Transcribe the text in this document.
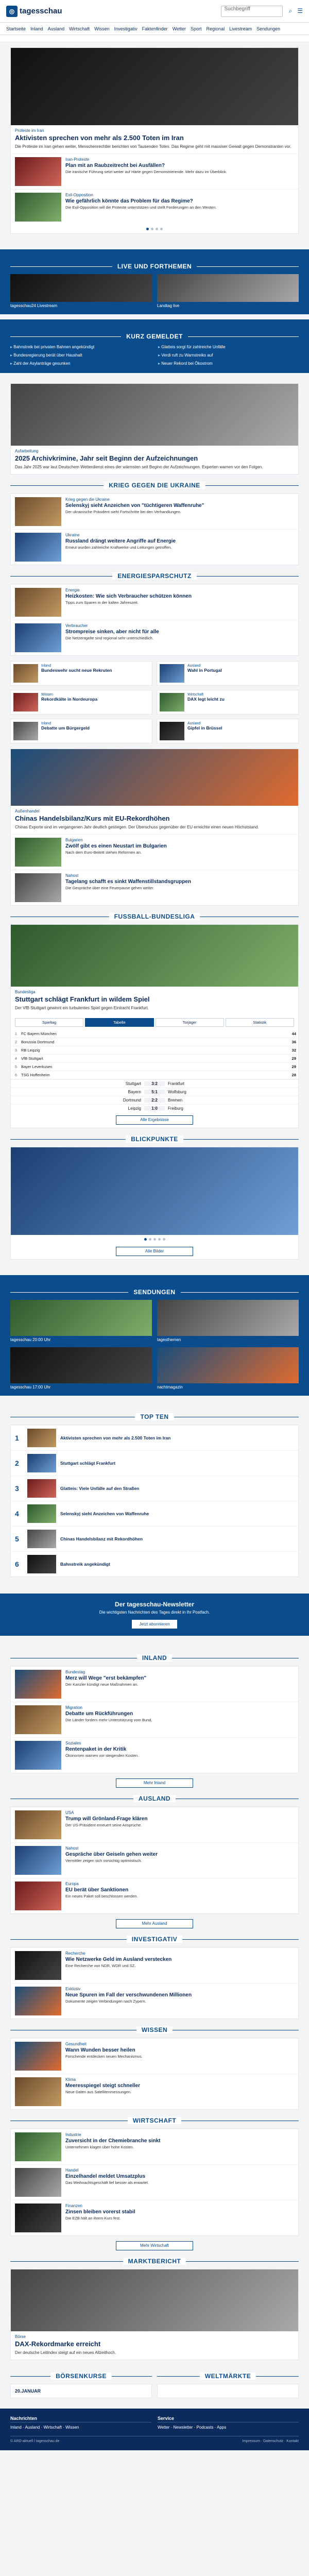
◎ tagesschau	Suchbegriff	⌕ ☰
Startseite Inland Ausland Wirtschaft Wissen Investigativ Faktenfinder Wetter Sport Regional Livestream Sendungen
Proteste im Iran
Aktivisten sprechen von mehr als 2.500 Toten im Iran
Die Proteste im Iran gehen weiter, Menschenrechtler berichten von Tausenden Toten. Das Regime geht mit massiver Gewalt gegen Demonstranten vor.
Iran-Proteste
Plan mit an Raubzeitrecht bei Ausfällen?
Die iranische Führung setzt weiter auf Härte gegen Demonstrierende. Mehr dazu im Überblick.
Exil-Opposition
Wie gefährlich könnte das Problem für das Regime?
Die Exil-Opposition will die Proteste unterstützen und stellt Forderungen an den Westen.
LIVE UND FORTHEMEN
tagesschau24 Livestream	Landtag live
KURZ GEMELDET
▸ Bahnstreik bei privaten Bahnen angekündigt	▸ Glatteis sorgt für zahlreiche Unfälle
▸ Bundesregierung berät über Haushalt	▸ Verdi ruft zu Warnstreiks auf
▸ Zahl der Asylanträge gesunken	▸ Neuer Rekord bei Ökostrom
Aufarbeitung
2025 Archivkrimine, Jahr seit Beginn der Aufzeichnungen
Das Jahr 2025 war laut Deutschem Wetterdienst eines der wärmsten seit Beginn der Aufzeichnungen. Experten warnen vor den Folgen.
KRIEG GEGEN DIE UKRAINE
Krieg gegen die Ukraine
Selenskyj sieht Anzeichen von "tüchtigeren Waffenruhe"
Der ukrainische Präsident sieht Fortschritte bei den Verhandlungen.
Ukraine
Russland drängt weitere Angriffe auf Energie
Erneut wurden zahlreiche Kraftwerke und Leitungen getroffen.
ENERGIESPARSCHUTZ
Energie
Heizkosten: Wie sich Verbraucher schützen können
Tipps zum Sparen in der kalten Jahreszeit.
Verbraucher
Strompreise sinken, aber nicht für alle
Die Netzentgelte sind regional sehr unterschiedlich.
Inland
Bundeswehr sucht neue Rekruten
Ausland
Wahl in Portugal
Wissen
Rekordkälte in Nordeuropa
Wirtschaft
DAX legt leicht zu
Inland
Debatte um Bürgergeld
Ausland
Gipfel in Brüssel
Außenhandel
Chinas Handelsbilanz/Kurs mit EU-Rekordhöhen
Chinas Exporte sind im vergangenen Jahr deutlich gestiegen. Der Überschuss gegenüber der EU erreichte einen neuen Höchststand.
Bulgarien
Zwölf gibt es einen Neustart im Bulgarien
Nach dem Euro-Beitritt stehen Reformen an.
Nahost
Tagelang schafft es sinkt Waffenstillstandsgruppen
Die Gespräche über eine Feuerpause gehen weiter.
FUSSBALL-BUNDESLIGA
Bundesliga
Stuttgart schlägt Frankfurt in wildem Spiel
Der VfB Stuttgart gewinnt ein turbulentes Spiel gegen Eintracht Frankfurt.
Spieltag	Tabelle	Torjäger	Statistik
1	FC Bayern München	44
2	Borussia Dortmund	36
3	RB Leipzig	32
4	VfB Stuttgart	29
5	Bayer Leverkusen	29
6	TSG Hoffenheim	28
Stuttgart	3:2	Frankfurt
Bayern	5:1	Wolfsburg
Dortmund	2:2	Bremen
Leipzig	1:0	Freiburg
Alle Ergebnisse
BLICKPUNKTE
Alle Bilder
SENDUNGEN
tagesschau 20:00 Uhr	tagesthemen
tagesschau 17:00 Uhr	nachtmagazin
TOP TEN
1	Aktivisten sprechen von mehr als 2.500 Toten im Iran
2	Stuttgart schlägt Frankfurt
3	Glatteis: Viele Unfälle auf den Straßen
4	Selenskyj sieht Anzeichen von Waffenruhe
5	Chinas Handelsbilanz mit Rekordhöhen
6	Bahnstreik angekündigt
Der tagesschau-Newsletter
Die wichtigsten Nachrichten des Tages direkt in Ihr Postfach.
Jetzt abonnieren
INLAND
Bundestag
Merz will Wege "erst bekämpfen"
Der Kanzler kündigt neue Maßnahmen an.
Migration
Debatte um Rückführungen
Die Länder fordern mehr Unterstützung vom Bund.
Soziales
Rentenpaket in der Kritik
Ökonomen warnen vor steigenden Kosten.
Mehr Inland
AUSLAND
USA
Trump will Grönland-Frage klären
Der US-Präsident erneuert seine Ansprüche.
Nahost
Gespräche über Geiseln gehen weiter
Vermittler zeigen sich vorsichtig optimistisch.
Europa
EU berät über Sanktionen
Ein neues Paket soll beschlossen werden.
Mehr Ausland
INVESTIGATIV
Recherche
Wie Netzwerke Geld im Ausland verstecken
Eine Recherche von NDR, WDR und SZ.
Exklusiv
Neue Spuren im Fall der verschwundenen Millionen
Dokumente zeigen Verbindungen nach Zypern.
WISSEN
Gesundheit
Wann Wunden besser heilen
Forschende entdecken neuen Mechanismus.
Klima
Meeresspiegel steigt schneller
Neue Daten aus Satellitenmessungen.
WIRTSCHAFT
Industrie
Zuversicht in der Chemiebranche sinkt
Unternehmen klagen über hohe Kosten.
Handel
Einzelhandel meldet Umsatzplus
Das Weihnachtsgeschäft lief besser als erwartet.
Finanzen
Zinsen bleiben vorerst stabil
Die EZB hält an ihrem Kurs fest.
Mehr Wirtschaft
MARKTBERICHT
Börse
DAX-Rekordmarke erreicht
Der deutsche Leitindex steigt auf ein neues Allzeithoch.
BÖRSENKURSE
20.JANUAR
WELTMÄRKTE
Nachrichten

Inland · Ausland · Wirtschaft · Wissen

Service

Wetter · Newsletter · Podcasts · Apps

© ARD-aktuell / tagesschau.de	Impressum · Datenschutz · Kontakt
